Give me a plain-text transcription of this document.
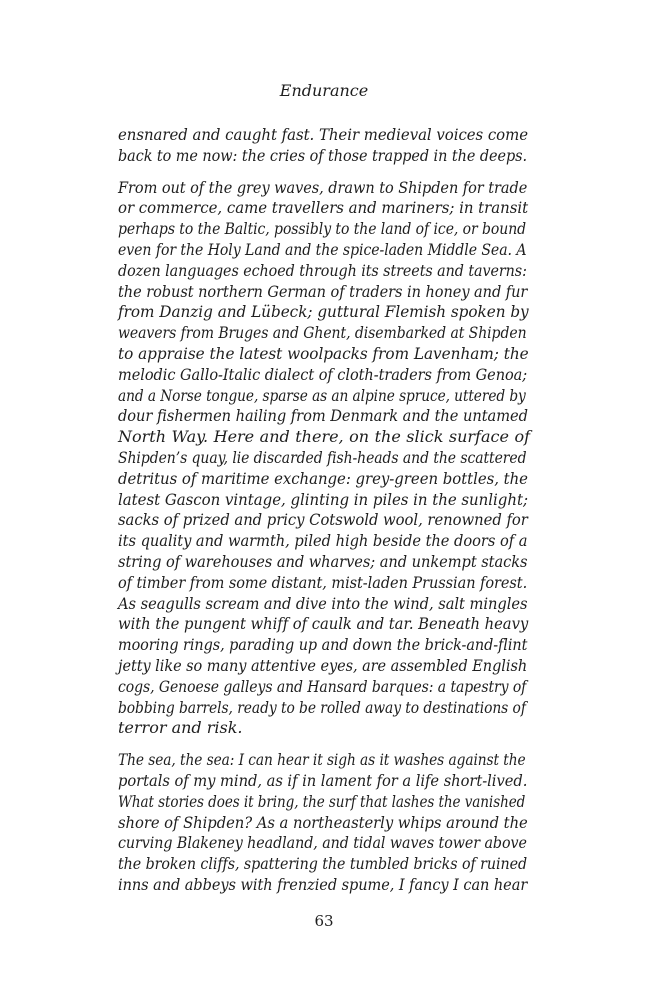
Endurance

ensnared and caught fast. Their medieval voices come
back to me now: the cries of those trapped in the deeps.

From out of the grey waves, drawn to Shipden for trade
or commerce, came travellers and mariners; in transit
perhaps to the Baltic, possibly to the land of ice, or bound
even for the Holy Land and the spice-laden Middle Sea. A
dozen languages echoed through its streets and taverns:
the robust northern German of traders in honey and fur
from Danzig and Lübeck; guttural Flemish spoken by
weavers from Bruges and Ghent, disembarked at Shipden
to appraise the latest woolpacks from Lavenham; the
melodic Gallo-Italic dialect of cloth-traders from Genoa;
and a Norse tongue, sparse as an alpine spruce, uttered by
dour fishermen hailing from Denmark and the untamed
North Way. Here and there, on the slick surface of
Shipden’s quay, lie discarded fish-heads and the scattered
detritus of maritime exchange: grey-green bottles, the
latest Gascon vintage, glinting in piles in the sunlight;
sacks of prized and pricy Cotswold wool, renowned for
its quality and warmth, piled high beside the doors of a
string of warehouses and wharves; and unkempt stacks
of timber from some distant, mist-laden Prussian forest.
As seagulls scream and dive into the wind, salt mingles
with the pungent whiff of caulk and tar. Beneath heavy
mooring rings, parading up and down the brick-and-flint
jetty like so many attentive eyes, are assembled English
cogs, Genoese galleys and Hansard barques: a tapestry of
bobbing barrels, ready to be rolled away to destinations of
terror and risk.

The sea, the sea: I can hear it sigh as it washes against the
portals of my mind, as if in lament for a life short-lived.
What stories does it bring, the surf that lashes the vanished
shore of Shipden? As a northeasterly whips around the
curving Blakeney headland, and tidal waves tower above
the broken cliffs, spattering the tumbled bricks of ruined
inns and abbeys with frenzied spume, I fancy I can hear

63
